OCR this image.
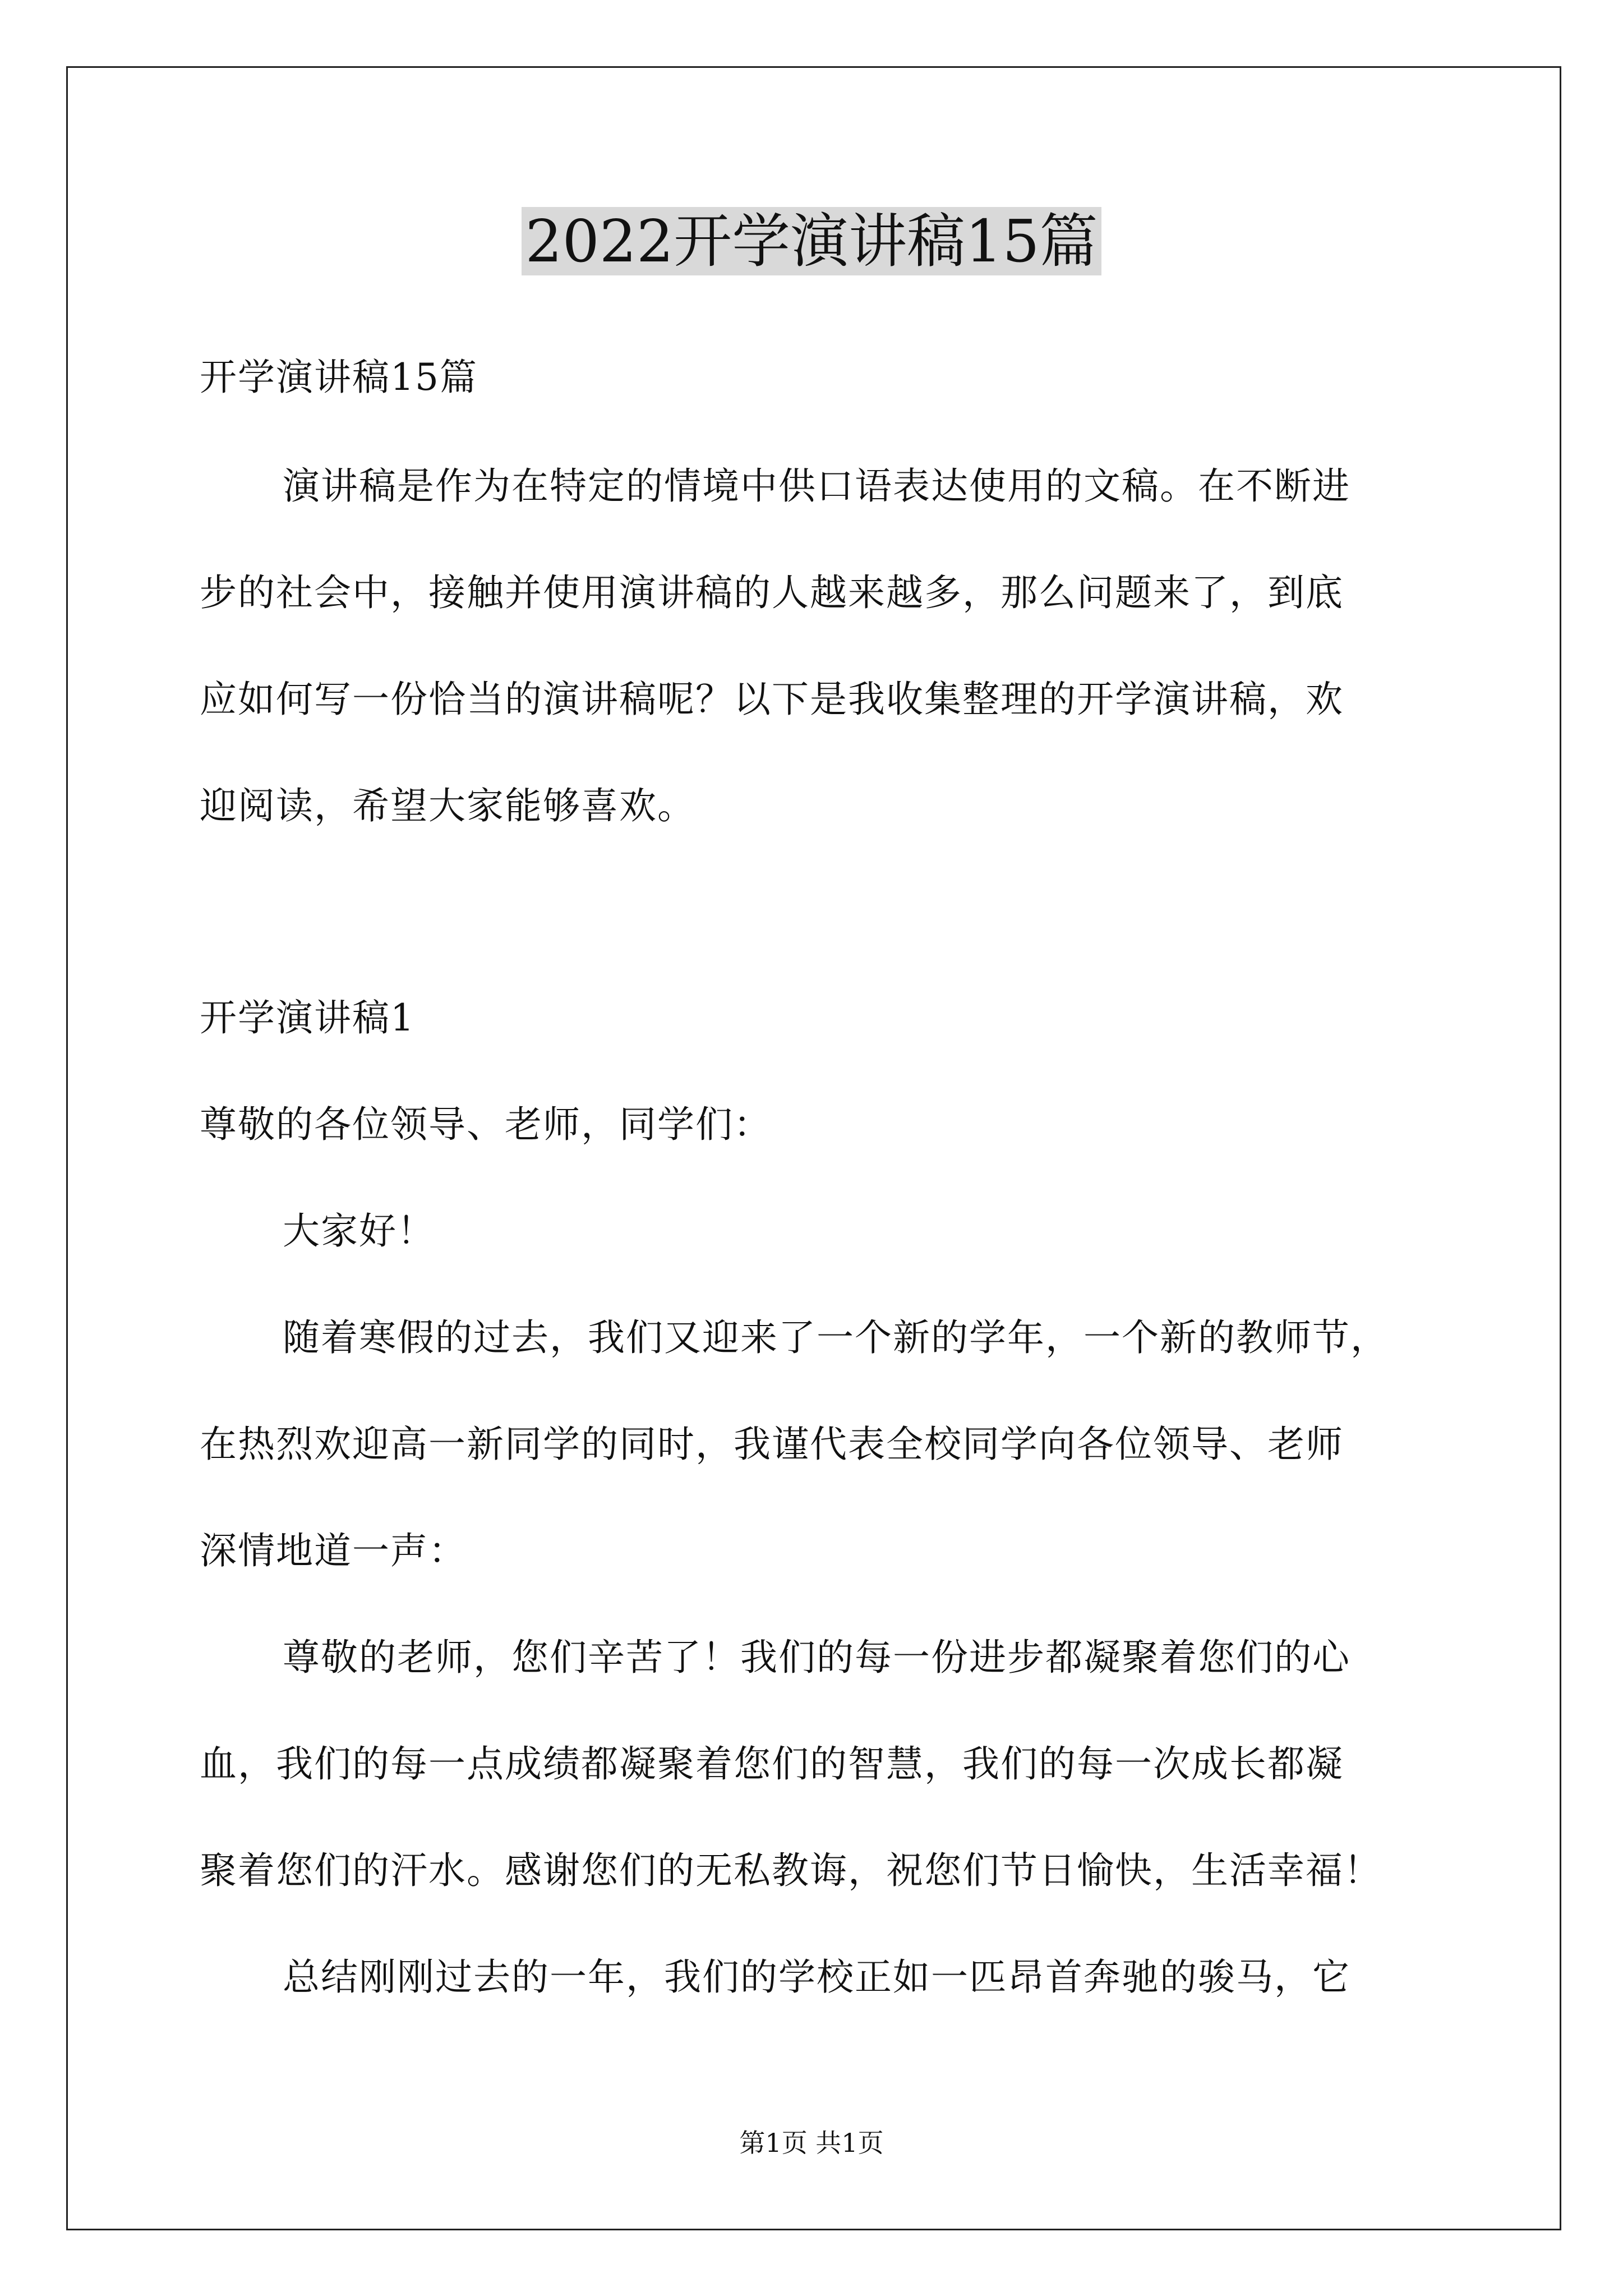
2022开学演讲稿15篇
开学演讲稿15篇
演讲稿是作为在特定的情境中供口语表达使用的文稿。在不断进
步的社会中，接触并使用演讲稿的人越来越多，那么问题来了，到底
应如何写一份恰当的演讲稿呢？以下是我收集整理的开学演讲稿，欢
迎阅读，希望大家能够喜欢。
开学演讲稿1
尊敬的各位领导、老师，同学们：
大家好！
随着寒假的过去，我们又迎来了一个新的学年，一个新的教师节，
在热烈欢迎高一新同学的同时，我谨代表全校同学向各位领导、老师
深情地道一声：
尊敬的老师，您们辛苦了！我们的每一份进步都凝聚着您们的心
血，我们的每一点成绩都凝聚着您们的智慧，我们的每一次成长都凝
聚着您们的汗水。感谢您们的无私教诲，祝您们节日愉快，生活幸福！
总结刚刚过去的一年，我们的学校正如一匹昂首奔驰的骏马，它
第1页 共1页
